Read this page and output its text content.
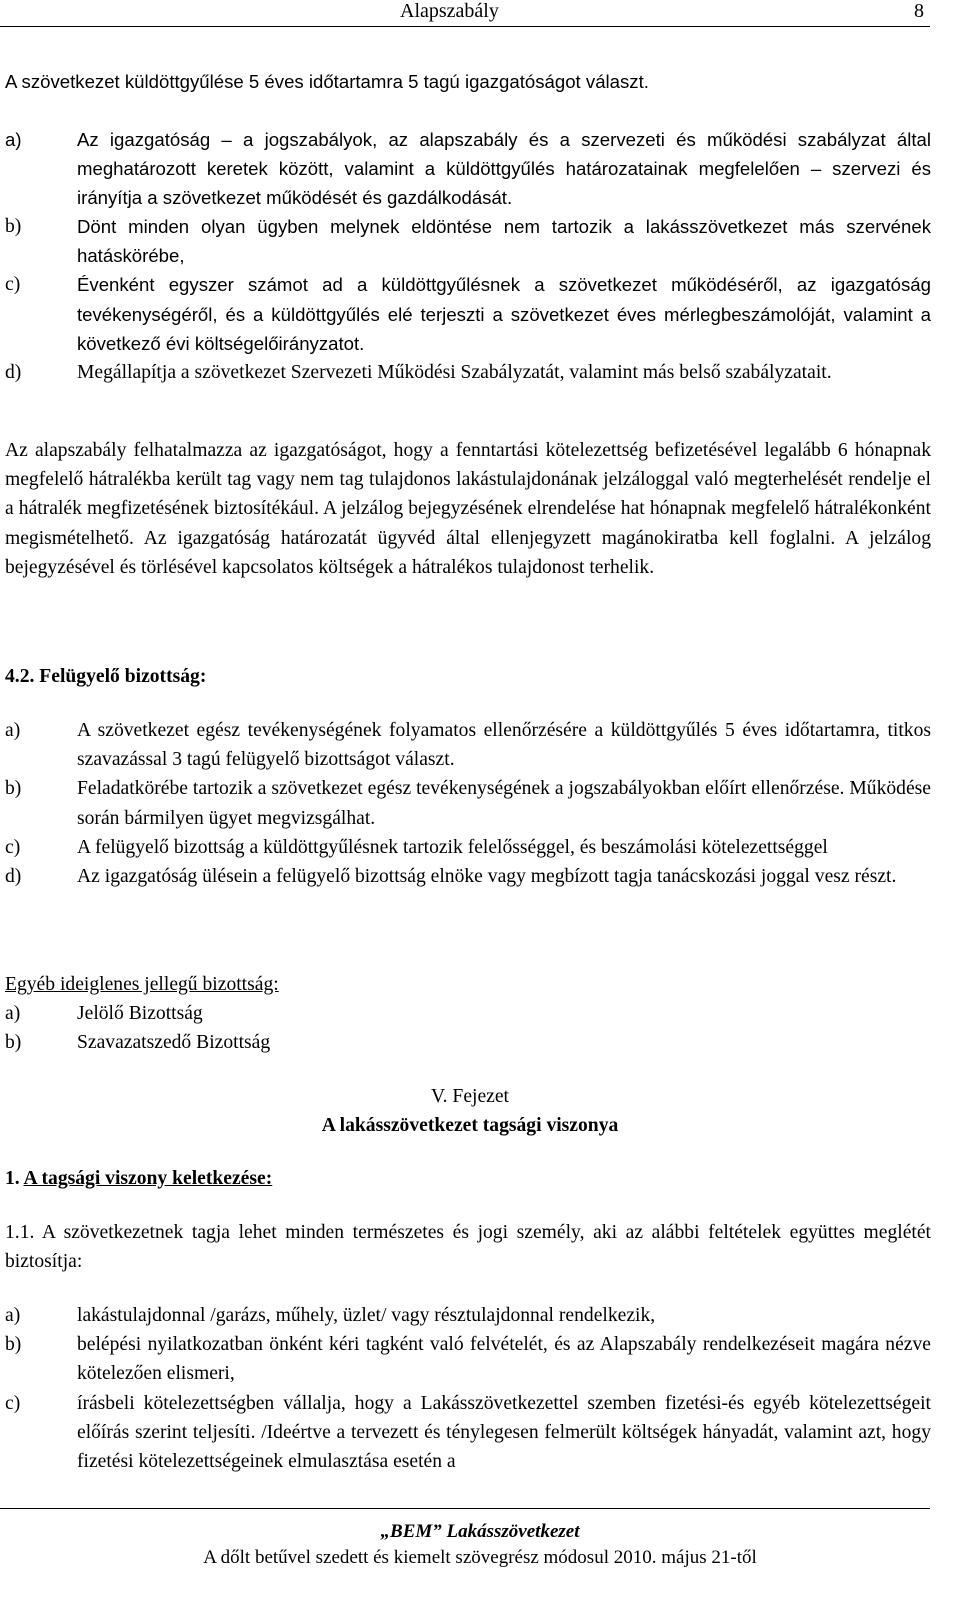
Alapszabály	8
A szövetkezet küldöttgyűlése 5 éves időtartamra 5 tagú igazgatóságot választ.
a)	Az igazgatóság – a jogszabályok, az alapszabály és a szervezeti és működési szabályzat által meghatározott keretek között, valamint a küldöttgyűlés határozatainak megfelelően – szervezi és irányítja a szövetkezet működését és gazdálkodását.
b)	Dönt minden olyan ügyben melynek eldöntése nem tartozik a lakásszövetkezet más szervének hatáskörébe,
c)	Évenként egyszer számot ad a küldöttgyűlésnek a szövetkezet működéséről, az igazgatóság tevékenységéről, és a küldöttgyűlés elé terjeszti a szövetkezet éves mérlegbeszámolóját, valamint a következő évi költségelőirányzatot.
d)	Megállapítja a szövetkezet Szervezeti Működési Szabályzatát, valamint más belső szabályzatait.
Az alapszabály felhatalmazza az igazgatóságot, hogy a fenntartási kötelezettség befizetésével legalább 6 hónapnak megfelelő hátralékba került tag vagy nem tag tulajdonos lakástulajdonának jelzáloggal való megterhelését rendelje el a hátralék megfizetésének biztosítékául. A jelzálog bejegyzésének elrendelése hat hónapnak megfelelő hátralékonként megismételhető. Az igazgatóság határozatát ügyvéd által ellenjegyzett magánokiratba kell foglalni. A jelzálog bejegyzésével és törlésével kapcsolatos költségek a hátralékos tulajdonost terhelik.
4.2. Felügyelő bizottság:
a)	A szövetkezet egész tevékenységének folyamatos ellenőrzésére a küldöttgyűlés 5 éves időtartamra, titkos szavazással 3 tagú felügyelő bizottságot választ.
b)	Feladatkörébe tartozik a szövetkezet egész tevékenységének a jogszabályokban előírt ellenőrzése. Működése során bármilyen ügyet megvizsgálhat.
c)	A felügyelő bizottság a küldöttgyűlésnek tartozik felelősséggel, és beszámolási kötelezettséggel
d)	Az igazgatóság ülésein a felügyelő bizottság elnöke vagy megbízott tagja tanácskozási joggal vesz részt.
Egyéb ideiglenes jellegű bizottság:
a)	Jelölő Bizottság
b)	Szavazatszedő Bizottság
V. Fejezet
A lakásszövetkezet tagsági viszonya
1. A tagsági viszony keletkezése:
1.1. A szövetkezetnek tagja lehet minden természetes és jogi személy, aki az alábbi feltételek együttes meglétét biztosítja:
a)	lakástulajdonnal /garázs, műhely, üzlet/ vagy résztulajdonnal rendelkezik,
b)	belépési nyilatkozatban önként kéri tagként való felvételét, és az Alapszabály rendelkezéseit magára nézve kötelezően elismeri,
c)	írásbeli kötelezettségben vállalja, hogy a Lakásszövetkezettel szemben fizetési-és egyéb kötelezettségeit előírás szerint teljesíti. /Ideértve a tervezett és ténylegesen felmerült költségek hányadát, valamint azt, hogy fizetési kötelezettségeinek elmulasztása esetén a
„BEM” Lakásszövetkezet
A dőlt betűvel szedett és kiemelt szövegrész módosul 2010. május 21-től
